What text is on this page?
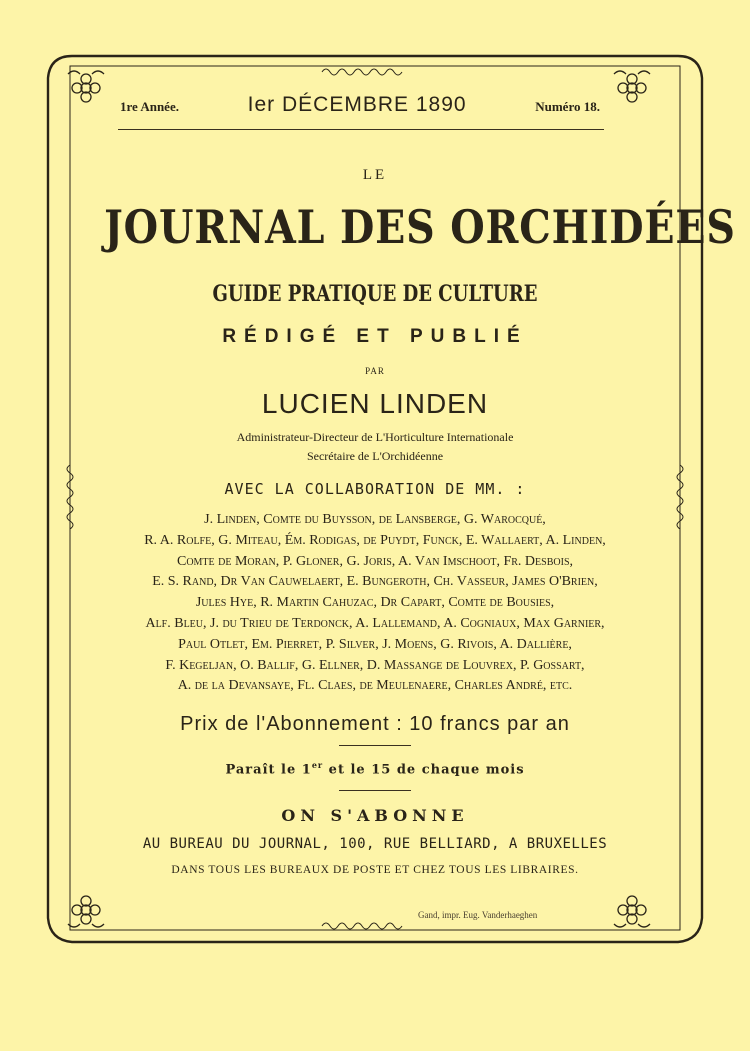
1re Année.	Ier DÉCEMBRE 1890	Numéro 18.
LE
JOURNAL DES ORCHIDÉES
GUIDE PRATIQUE DE CULTURE
RÉDIGÉ ET PUBLIÉ
PAR
LUCIEN LINDEN
Administrateur-Directeur de L'Horticulture Internationale
Secrétaire de L'Orchidéenne
AVEC LA COLLABORATION DE MM. :
J. Linden, Comte du Buysson, de Lansberge, G. Warocqué,
R. A. Rolfe, G. Miteau, Ém. Rodigas, de Puydt, Funck, E. Wallaert, A. Linden,
Comte de Moran, P. Gloner, G. Joris, A. Van Imschoot, Fr. Desbois,
E. S. Rand, Dr Van Cauwelaert, E. Bungeroth, Ch. Vasseur, James O'Brien,
Jules Hye, R. Martin Cahuzac, Dr Capart, Comte de Bousies,
Alf. Bleu, J. du Trieu de Terdonck, A. Lallemand, A. Cogniaux, Max Garnier,
Paul Otlet, Em. Pierret, P. Silver, J. Moens, G. Rivois, A. Dallière,
F. Kegeljan, O. Ballif, G. Ellner, D. Massange de Louvrex, P. Gossart,
A. de la Devansaye, Fl. Claes, de Meulenaere, Charles André, etc.
Prix de l'Abonnement : 10 francs par an
Paraît le 1er et le 15 de chaque mois
ON S'ABONNE
AU BUREAU DU JOURNAL, 100, RUE BELLIARD, A BRUXELLES
DANS TOUS LES BUREAUX DE POSTE ET CHEZ TOUS LES LIBRAIRES.
Gand, impr. Eug. Vanderhaeghen
